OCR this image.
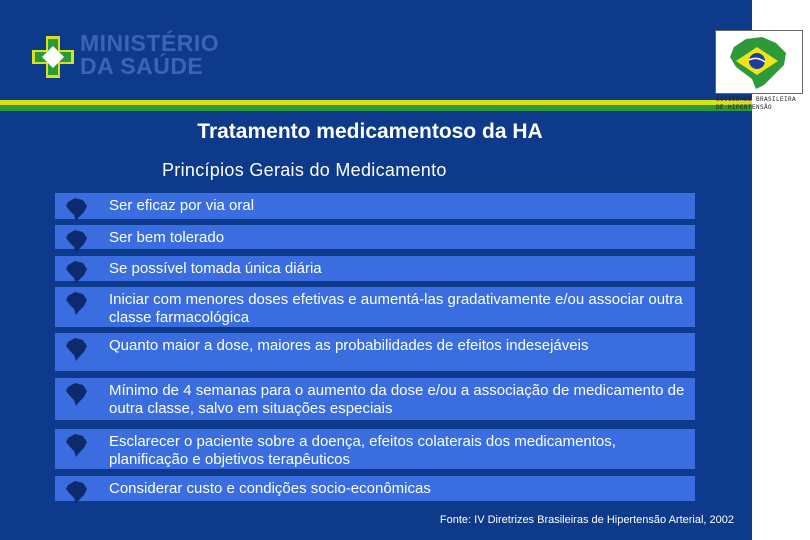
MINISTÉRIO
DA SAÚDE
SOCIEDADE BRASILEIRA DE HIPERTENSÃO
Tratamento medicamentoso da HA
Princípios Gerais do Medicamento
Ser eficaz por via oral
Ser bem tolerado
Se possível tomada única diária
Iniciar com menores doses efetivas e aumentá-las gradativamente e/ou associar outra classe farmacológica
Quanto maior a dose, maiores as probabilidades de efeitos indesejáveis
Mínimo de 4 semanas para o aumento da dose e/ou a associação de medicamento de outra classe, salvo em situações especiais
Esclarecer o paciente sobre a doença, efeitos colaterais dos medicamentos, planificação e objetivos terapêuticos
Considerar custo e condições socio-econômicas
Fonte: IV Diretrizes Brasileiras de Hipertensão Arterial, 2002
